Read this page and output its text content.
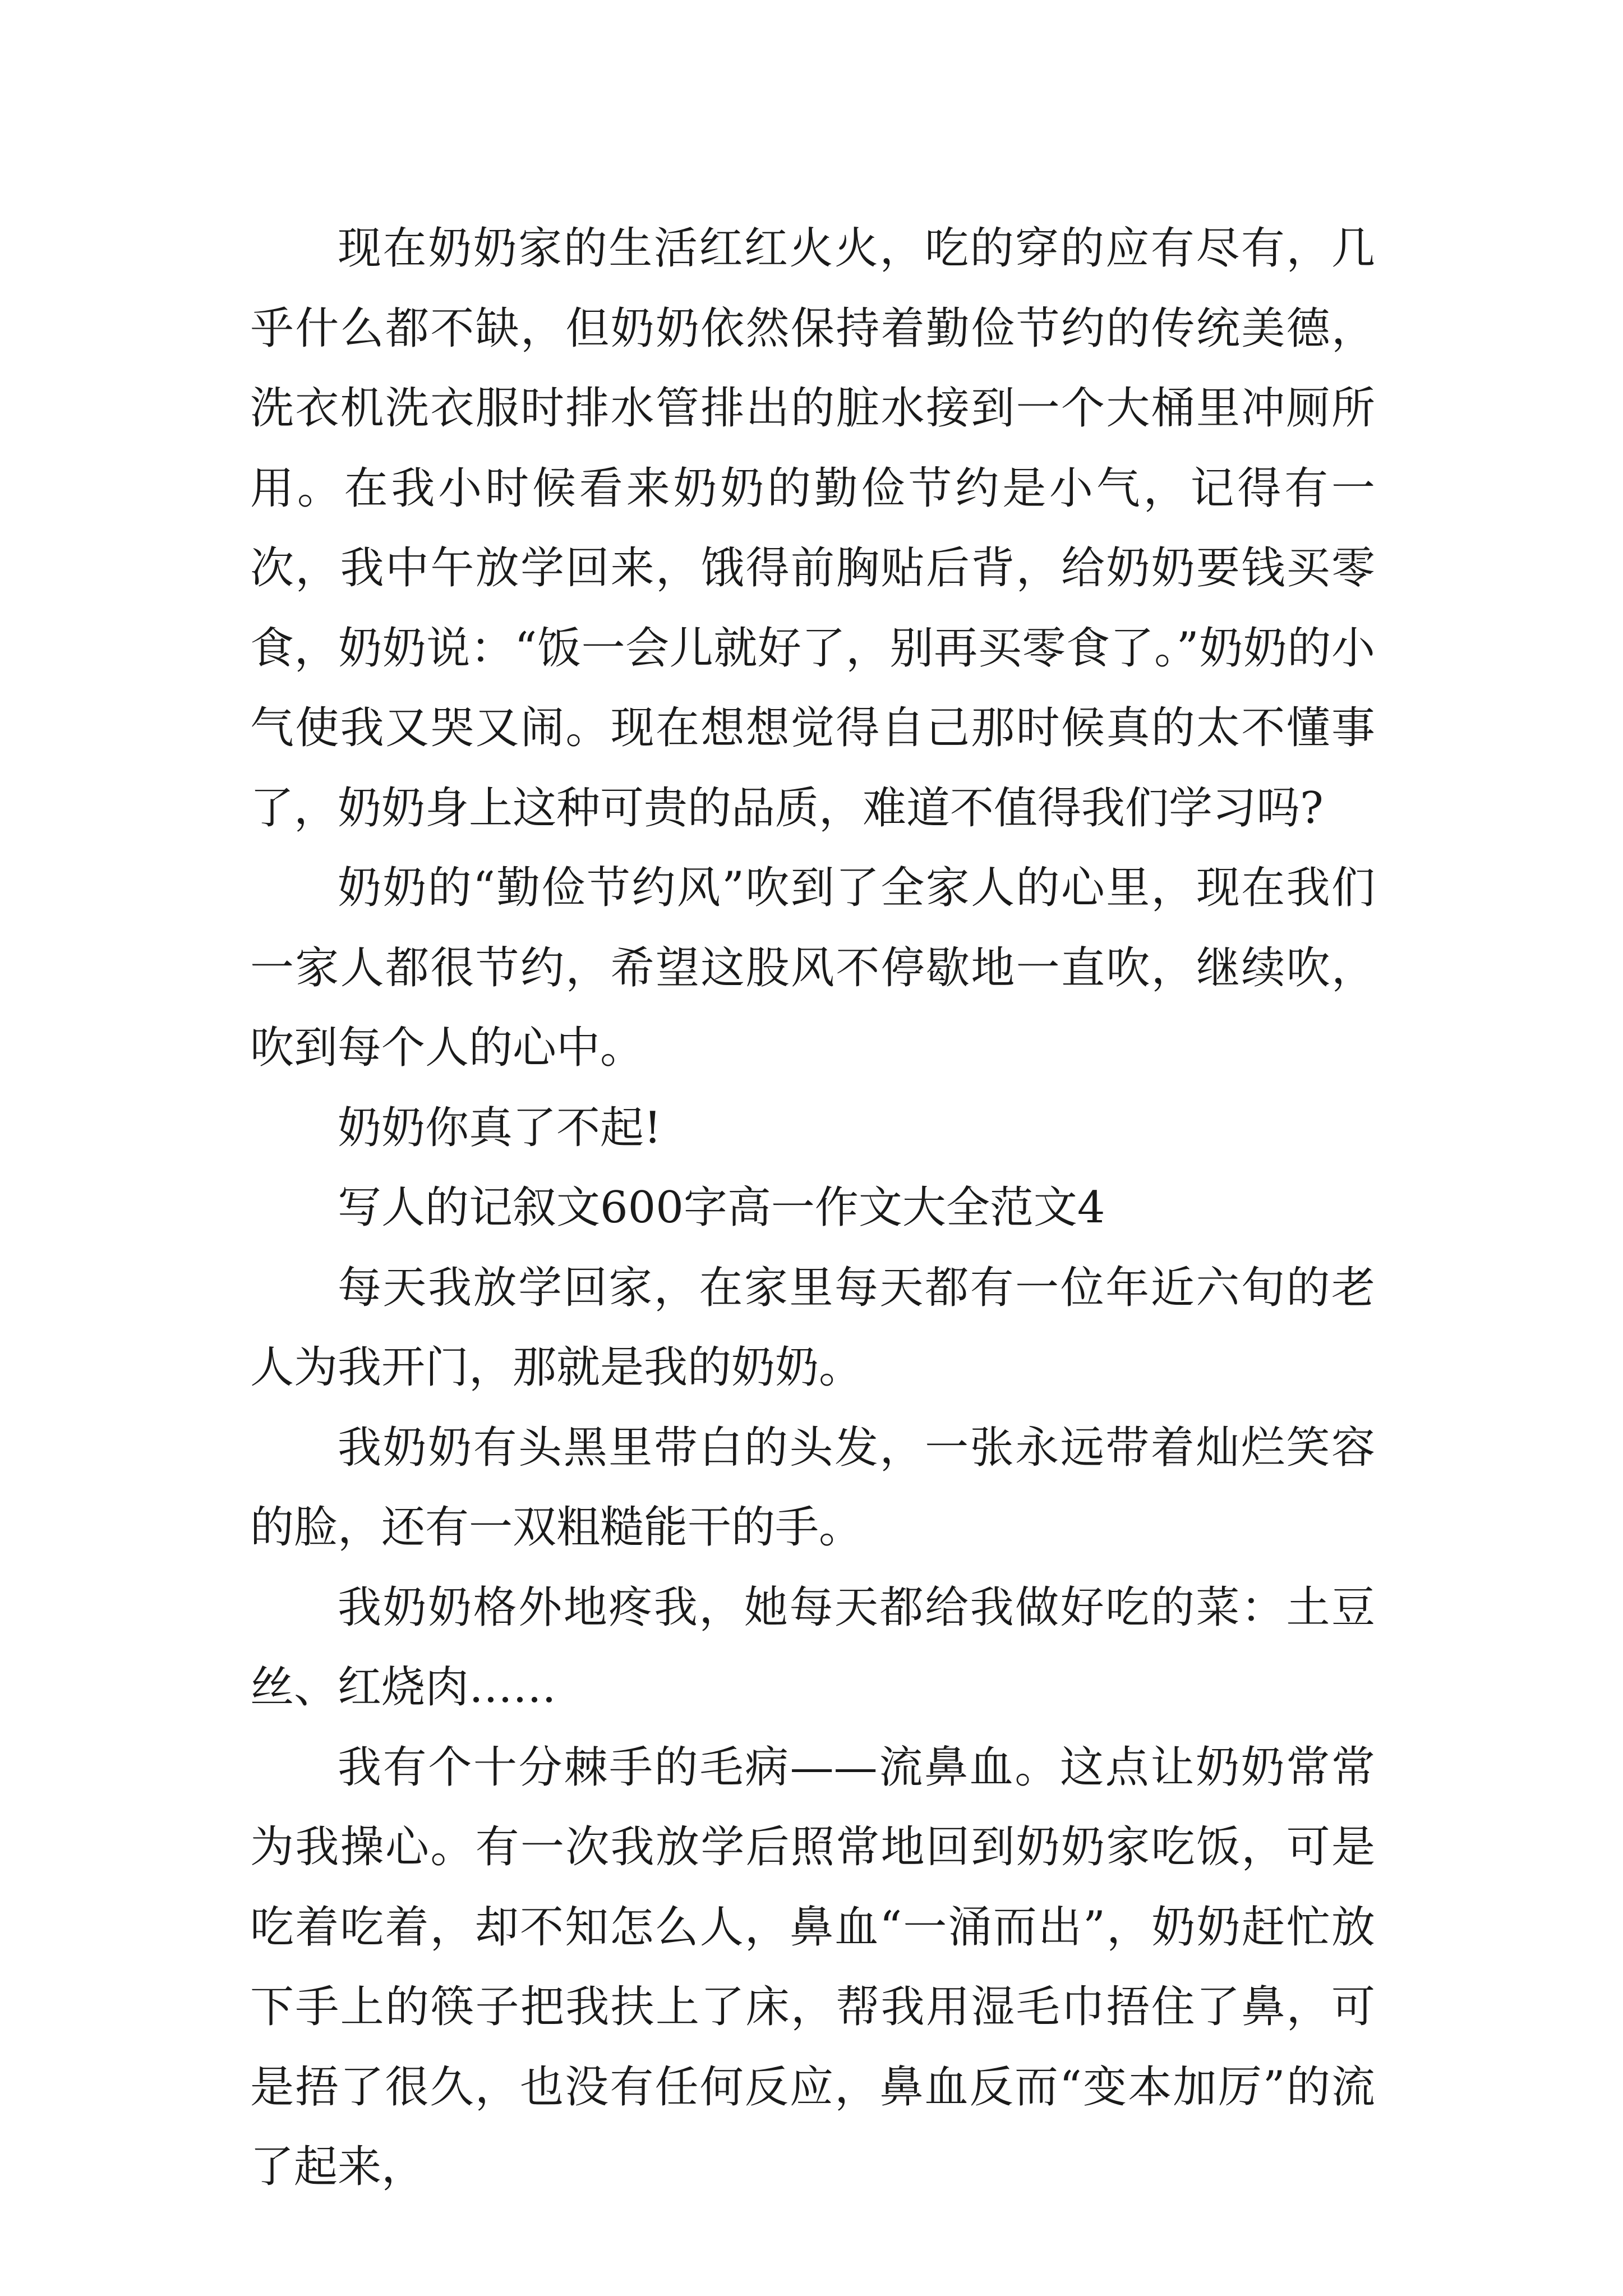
现在奶奶家的生活红红火火，吃的穿的应有尽有，几乎什么都不缺，但奶奶依然保持着勤俭节约的传统美德，洗衣机洗衣服时排水管排出的脏水接到一个大桶里冲厕所用。在我小时候看来奶奶的勤俭节约是小气，记得有一次，我中午放学回来，饿得前胸贴后背，给奶奶要钱买零食，奶奶说：“饭一会儿就好了，别再买零食了。”奶奶的小气使我又哭又闹。现在想想觉得自己那时候真的太不懂事了，奶奶身上这种可贵的品质，难道不值得我们学习吗?

奶奶的“勤俭节约风”吹到了全家人的心里，现在我们一家人都很节约，希望这股风不停歇地一直吹，继续吹，吹到每个人的心中。

奶奶你真了不起!

写人的记叙文600字高一作文大全范文4

每天我放学回家，在家里每天都有一位年近六旬的老人为我开门，那就是我的奶奶。

我奶奶有头黑里带白的头发，一张永远带着灿烂笑容的脸，还有一双粗糙能干的手。

我奶奶格外地疼我，她每天都给我做好吃的菜：土豆丝、红烧肉……

我有个十分棘手的毛病——流鼻血。这点让奶奶常常为我操心。有一次我放学后照常地回到奶奶家吃饭，可是吃着吃着，却不知怎么人，鼻血“一涌而出”，奶奶赶忙放下手上的筷子把我扶上了床，帮我用湿毛巾捂住了鼻，可是捂了很久，也没有任何反应，鼻血反而“变本加厉”的流了起来，
